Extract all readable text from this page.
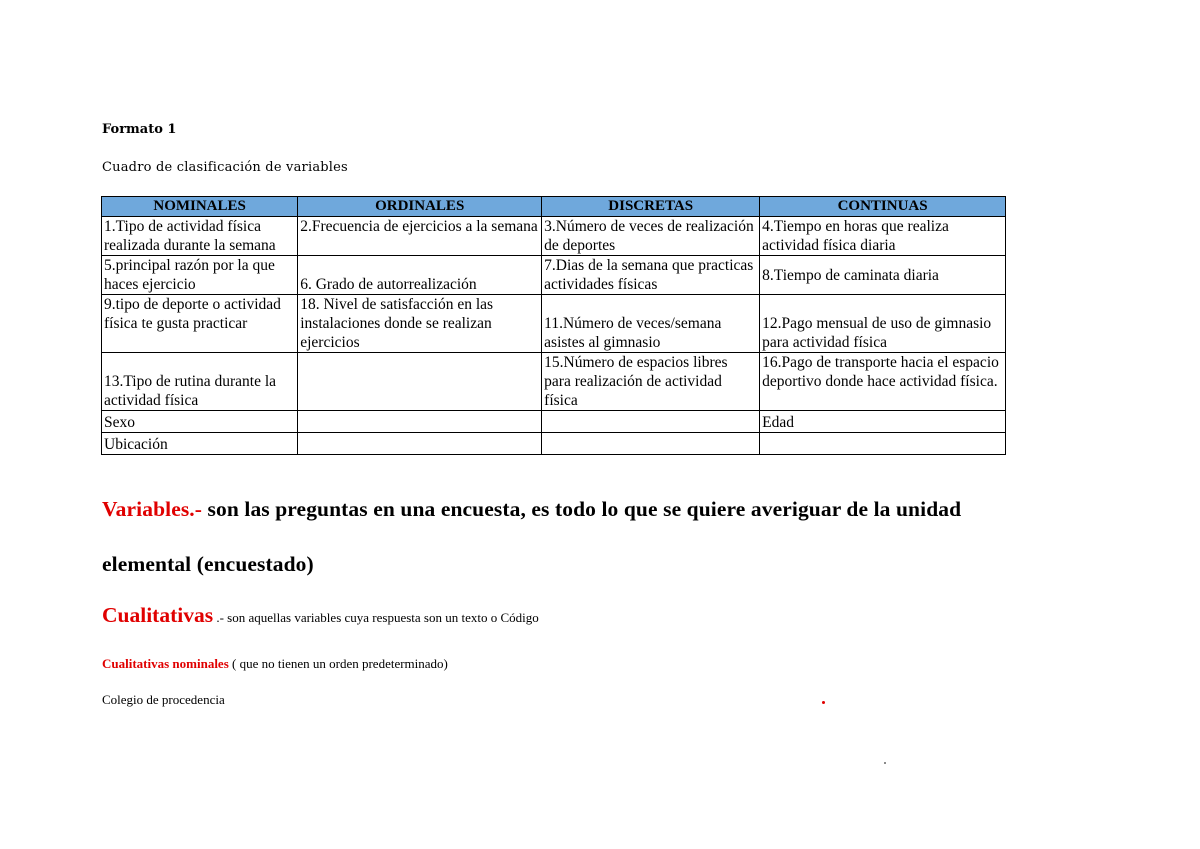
Formato 1
Cuadro de clasificación de variables
NOMINALES	ORDINALES	DISCRETAS	CONTINUAS
1.Tipo de actividad física realizada durante la semana	2.Frecuencia de ejercicios a la semana	3.Número de veces de realización de deportes	4.Tiempo en horas que realiza actividad física diaria
5.principal razón por la que haces ejercicio	6. Grado de autorrealización	7.Dias de la semana que practicas actividades físicas	8.Tiempo de caminata diaria
9.tipo de deporte o actividad física te gusta practicar	18. Nivel de satisfacción en las instalaciones donde se realizan ejercicios	11.Número de veces/semana asistes al gimnasio	12.Pago mensual de uso de gimnasio para actividad física
13.Tipo de rutina durante la actividad física		15.Número de espacios libres para realización de actividad física	16.Pago de transporte hacia el espacio deportivo donde hace actividad física.
Sexo			Edad
Ubicación			
Variables.- son las preguntas en una encuesta, es todo lo que se quiere averiguar de la unidad
elemental (encuestado)
Cualitativas .- son aquellas variables cuya respuesta son un texto o Código
Cualitativas nominales ( que no tienen un orden predeterminado)
Colegio de procedencia
